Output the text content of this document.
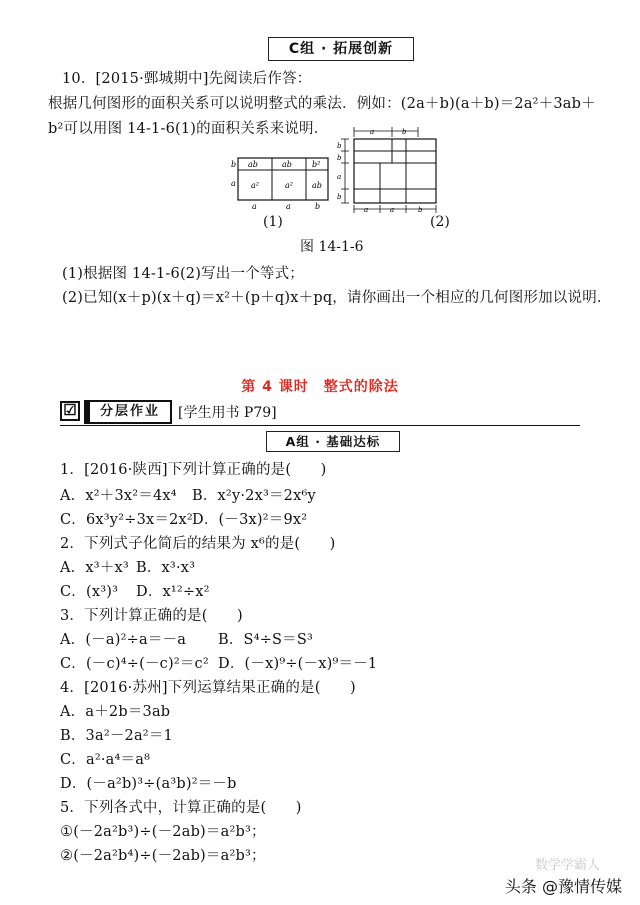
C组 · 拓展创新
10．[2015·鄄城期中]先阅读后作答：
根据几何图形的面积关系可以说明整式的乘法．例如：(2a＋b)(a＋b)＝2a²＋3ab＋
b²可以用图 14-1-6(1)的面积关系来说明．
ab	ab	b²
a²	a² ab
b
a
a	a	b
(1)
a	b
b
b
a
b
a	a	b
(2)
图 14-1-6
(1)根据图 14-1-6(2)写出一个等式；
(2)已知(x＋p)(x＋q)＝x²＋(p＋q)x＋pq，请你画出一个相应的几何图形加以说明．
第 4 课时　整式的除法
☑	分层作业	[学生用书 P79]
A组 · 基础达标
1．[2016·陕西]下列计算正确的是(　　)
A．x²＋3x²＝4x⁴ B．x²y·2x³＝2x⁶y
C．6x³y²÷3x＝2x² D．(－3x)²＝9x²
2．下列式子化简后的结果为 x⁶的是(　　)
A．x³＋x³ B．x³·x³
C．(x³)³ D．x¹²÷x²
3．下列计算正确的是(　　)
A．(－a)²÷a＝－a B．S⁴÷S＝S³
C．(－c)⁴÷(－c)²＝c² D．(－x)⁹÷(－x)⁹＝－1
4．[2016·苏州]下列运算结果正确的是(　　)
A．a＋2b＝3ab
B．3a²－2a²＝1
C．a²·a⁴＝a⁸
D．(－a²b)³÷(a³b)²＝－b
5．下列各式中，计算正确的是(　　)
①(－2a²b³)÷(－2ab)＝a²b³；
②(－2a²b⁴)÷(－2ab)＝a²b³；
数学学霸人
头条 @豫情传媒
